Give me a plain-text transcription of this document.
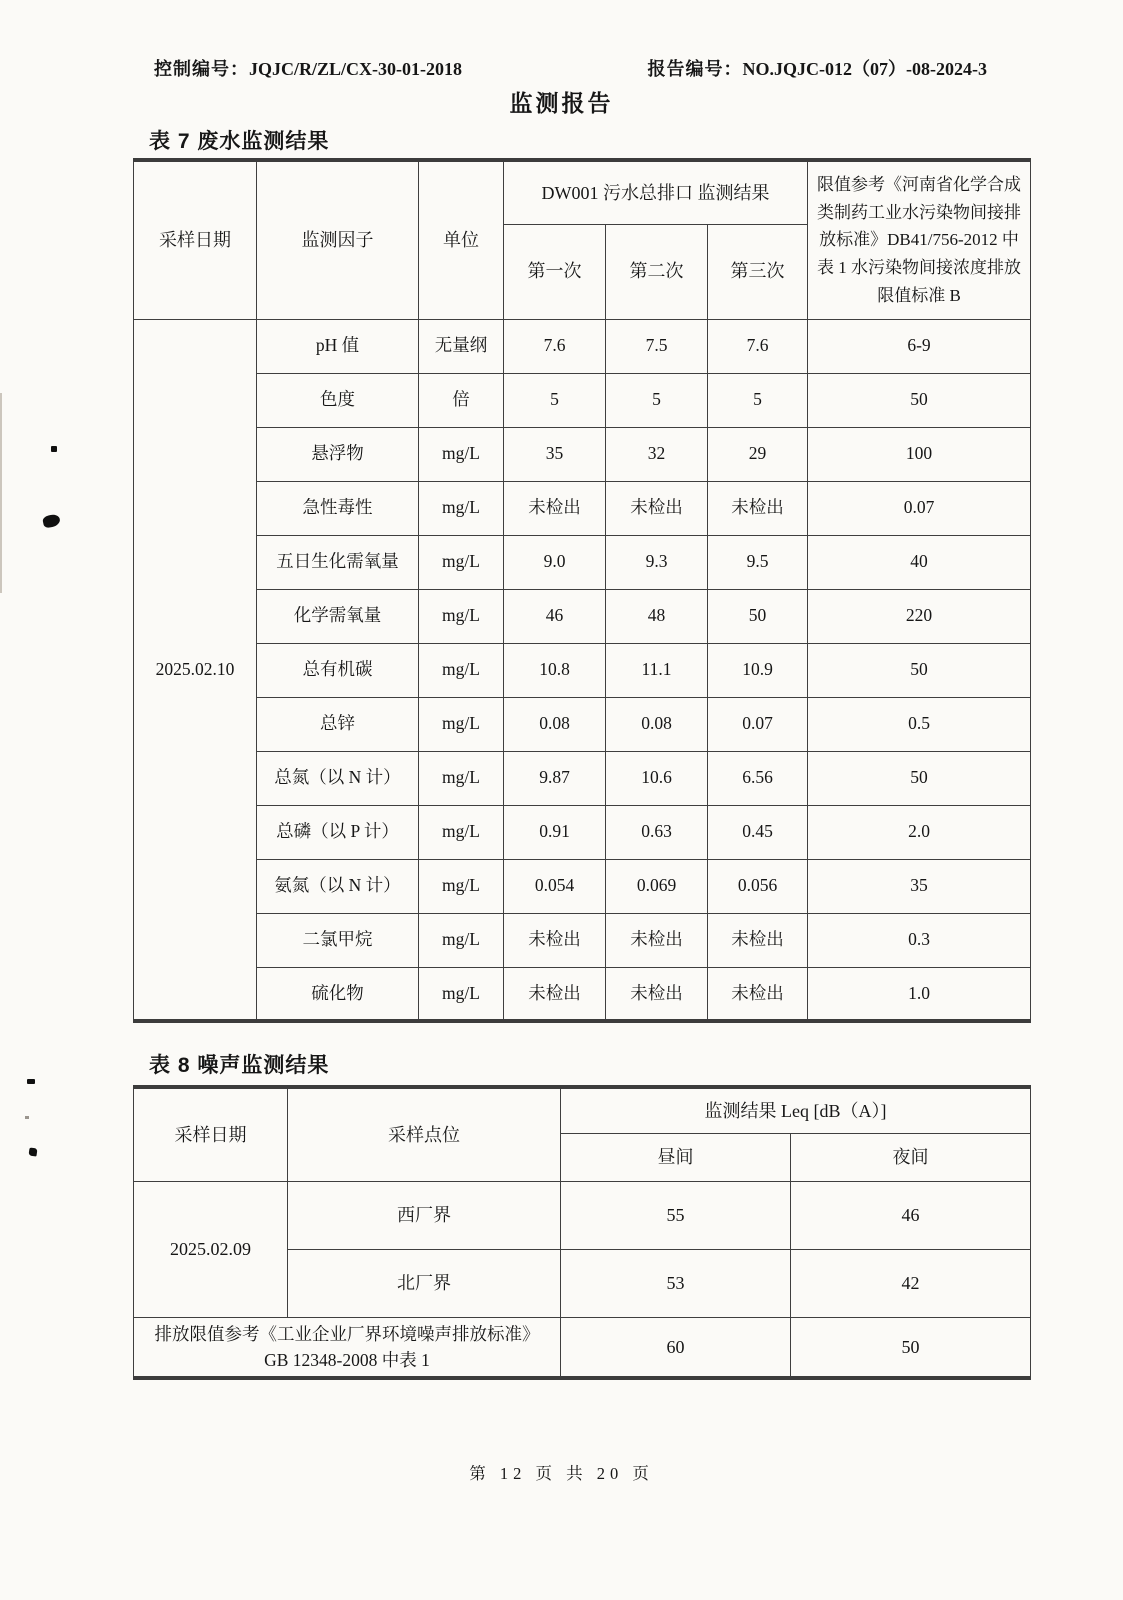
控制编号：JQJC/R/ZL/CX-30-01-2018	报告编号：NO.JQJC-012（07）-08-2024-3
监测报告
表 7 废水监测结果
采样日期	监测因子	单位	DW001 污水总排口 监测结果			限值参考《河南省化学合成类制药工业水污染物间接排放标准》DB41/756-2012 中表 1 水污染物间接浓度排放限值标准 B
			第一次	第二次	第三次	
2025.02.10	pH 值	无量纲	7.6	7.5	7.6	6-9
	色度	倍	5	5	5	50
	悬浮物	mg/L	35	32	29	100
	急性毒性	mg/L	未检出	未检出	未检出	0.07
	五日生化需氧量	mg/L	9.0	9.3	9.5	40
	化学需氧量	mg/L	46	48	50	220
	总有机碳	mg/L	10.8	11.1	10.9	50
	总锌	mg/L	0.08	0.08	0.07	0.5
	总氮（以 N 计）	mg/L	9.87	10.6	6.56	50
	总磷（以 P 计）	mg/L	0.91	0.63	0.45	2.0
	氨氮（以 N 计）	mg/L	0.054	0.069	0.056	35
	二氯甲烷	mg/L	未检出	未检出	未检出	0.3
	硫化物	mg/L	未检出	未检出	未检出	1.0
表 8 噪声监测结果
采样日期	采样点位	监测结果 Leq [dB（A）]	
		昼间	夜间
2025.02.09	西厂界	55	46
	北厂界	53	42
排放限值参考《工业企业厂界环境噪声排放标准》 GB 12348-2008 中表 1		60	50
第 12 页 共 20 页
